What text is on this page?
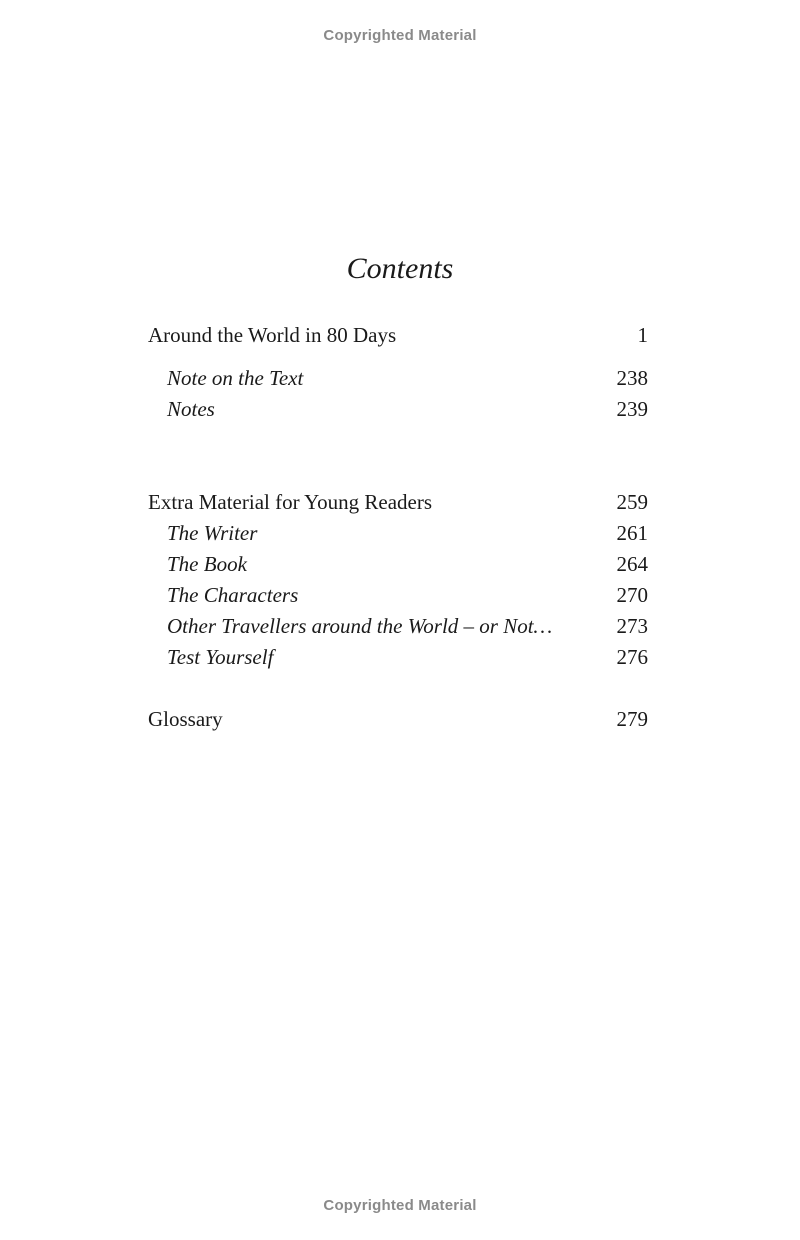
Copyrighted Material
Contents
Around the World in 80 Days	1
Note on the Text	238
Notes	239
Extra Material for Young Readers	259
The Writer	261
The Book	264
The Characters	270
Other Travellers around the World – or Not…	273
Test Yourself	276
Glossary	279
Copyrighted Material
